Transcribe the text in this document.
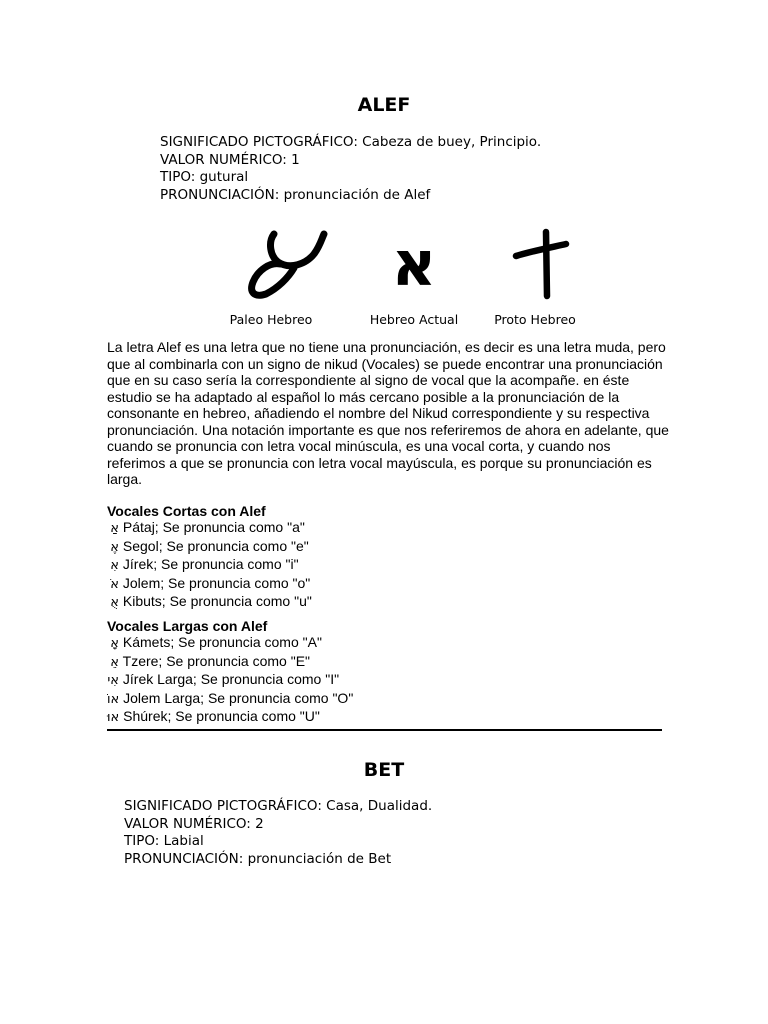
ALEF
SIGNIFICADO PICTOGRÁFICO: Cabeza de buey, Principio.
VALOR NUMÉRICO: 1
TIPO: gutural
PRONUNCIACIÓN: pronunciación de Alef
א
Paleo Hebreo	Hebreo Actual	Proto Hebreo

La letra Alef es una letra que no tiene una pronunciación, es decir es una letra muda, pero que al combinarla con un signo de nikud (Vocales) se puede encontrar una pronunciación que en su caso sería la correspondiente al signo de vocal que la acompañe. en éste estudio se ha adaptado al español lo más cercano posible a la pronunciación de la consonante en hebreo, añadiendo el nombre del Nikud correspondiente y su respectiva pronunciación. Una notación importante es que nos referiremos de ahora en adelante, que cuando se pronuncia con letra vocal minúscula, es una vocal corta, y cuando nos referimos a que se pronuncia con letra vocal mayúscula, es porque su pronunciación es larga.

Vocales Cortas con Alef

אַ Pátaj; Se pronuncia como "a"
אֶ Segol; Se pronuncia como "e"
אִ Jírek; Se pronuncia como "i"
אֹ Jolem; Se pronuncia como "o"
אֻ Kibuts; Se pronuncia como "u"

Vocales Largas con Alef

אָ Kámets; Se pronuncia como "A"
אֵ Tzere; Se pronuncia como "E"
אִי Jírek Larga; Se pronuncia como "I"
אוֹ Jolem Larga; Se pronuncia como "O"
אוּ Shúrek; Se pronuncia como "U"
BET
SIGNIFICADO PICTOGRÁFICO: Casa, Dualidad.
VALOR NUMÉRICO: 2
TIPO: Labial
PRONUNCIACIÓN: pronunciación de Bet
